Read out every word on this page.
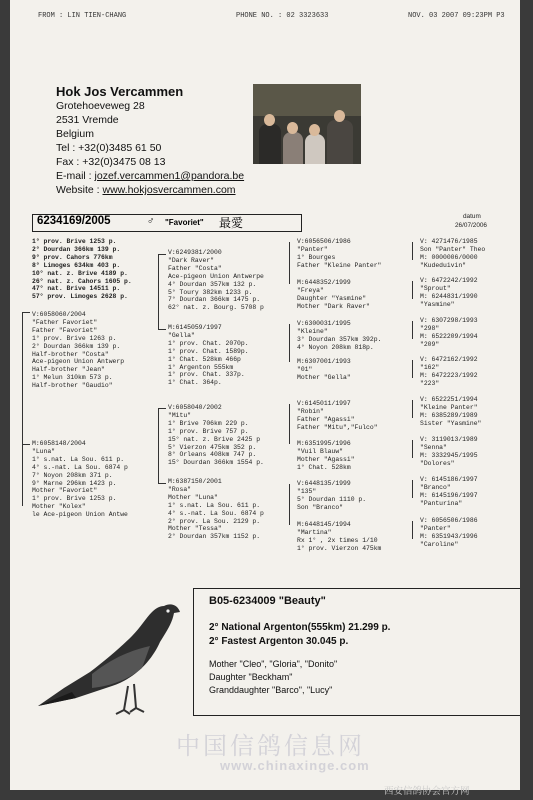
FROM : LIN TIEN-CHANG	PHONE NO. : 02 3323633	NOV. 03 2007 09:23PM P3
Hok Jos Vercammen
Grotehoeveweg 28
2531 Vremde
Belgium
Tel : +32(0)3485 61 50
Fax : +32(0)3475 08 13
E-mail : jozef.vercammen1@pandora.be
Website : www.hokjosvercammen.com
6234169/2005	♂ "Favoriet" 最愛	datum
26/07/2006
1° prov. Brive 1253 p.
2° Dourdan 366km 139 p.
9° prov. Cahors 776km
8° Limoges 634km 403 p.
10° nat. z. Brive 4189 p.
26° nat. z. Cahors 1605 p.
47° nat. Brive 14511 p.
57° prov. Limoges 2628 p.
V:6058060/2004
"Father Favoriet"
Father "Favoriet"
1° prov. Brive 1263 p.
2° Dourdan 366km 139 p.
Half-brother "Costa"
Ace-pigeon Union Antwerp
Half-brother "Jean"
1° Melun 310km 573 p.
Half-brother "Gaudio"
M:6058148/2004
"Luna"
1° s.nat. La Sou. 611 p.
4° s.-nat. La Sou. 6874 p
7° Noyon 208km 371 p.
9° Marne 296km 1423 p.
Mother "Favoriet"
1° prov. Brive 1253 p.
Mother "Kolex"
le Ace-pigeon Union Antwe
V:6249381/2000
"Dark Raver"
Father "Costa"
Ace-pigeon Union Antwerpe
4° Dourdan 357km 132 p.
5° Toury 382km 1233 p.
7° Dourdan 366km 1475 p.
62° nat. z. Bourg. 5708 p
M:6145059/1997
"Gella"
1° prov. Chat. 2070p.
1° prov. Chat. 1589p.
1° Chat. 528km 466p
1° Argenton 555km
1° prov. Chat. 337p.
1° Chat. 364p.
V:6058040/2002
"Mitu"
1° Brive 706km 229 p.
1° prov. Brive 757 p.
15° nat. z. Brive 2425 p
5° Vierzon 475km 352 p.
8° Orleans 408km 747 p.
15° Dourdan 366km 1554 p.
M:6387150/2001
"Rosa"
Mother "Luna"
1° s.nat. La Sou. 611 p.
4° s.-nat. La Sou. 6874 p
2° prov. La Sou. 2129 p.
Mother "Tessa"
2° Dourdan 357km 1152 p.
V:6056506/1986
"Panter"
1° Bourges
Father "Kleine Panter"
M:6448352/1999
"Freya"
Daughter "Yasmine"
Mother "Dark Raver"
V:6300031/1995
"Kleine"
3° Dourdan 357km 392p.
4° Noyon 208km 818p.
M:6307001/1993
"01"
Mother "Gella"
V:6145011/1997
"Robin"
Father "Agassi"
Father "Mitu","Fulco"
M:6351995/1996
"Vuil Blauw"
Mother "Agassi"
1° Chat. 528km
V:6448135/1999
"135"
5° Dourdan 1110 p.
Son "Branco"
M:6448145/1994
"Martina"
Rx 1° , 2x times 1/10
1° prov. Vierzon 475km
V: 4271476/1985
Son "Panter" Theo
M: 0000006/0000
"Kudeduivin"
V: 6472242/1992
"Sprout"
M: 6244831/1990
"Yasmine"
V: 6307298/1993
"298"
M: 6522209/1994
"209"
V: 6472162/1992
"162"
M: 6472223/1992
"223"
V: 6522251/1994
"Kleine Panter"
M: 6385289/1989
Sister "Yasmine"
V: 3119013/1989
"Senna"
M: 3332945/1995
"Dolores"
V: 6145186/1997
"Branco"
M: 6145196/1997
"Panturina"
V: 6056506/1986
"Panter"
M: 6351943/1996
"Caroline"
B05-6234009 "Beauty"
2° National Argenton(555km) 21.299 p.
2° Fastest Argenton 30.045 p.
Mother "Cleo", "Gloria", "Donito"
Daughter "Beckham"
Granddaughter "Barco", "Lucy"
中国信鸽信息网
www.chinaxinge.com
西安信鸽协会官方网
